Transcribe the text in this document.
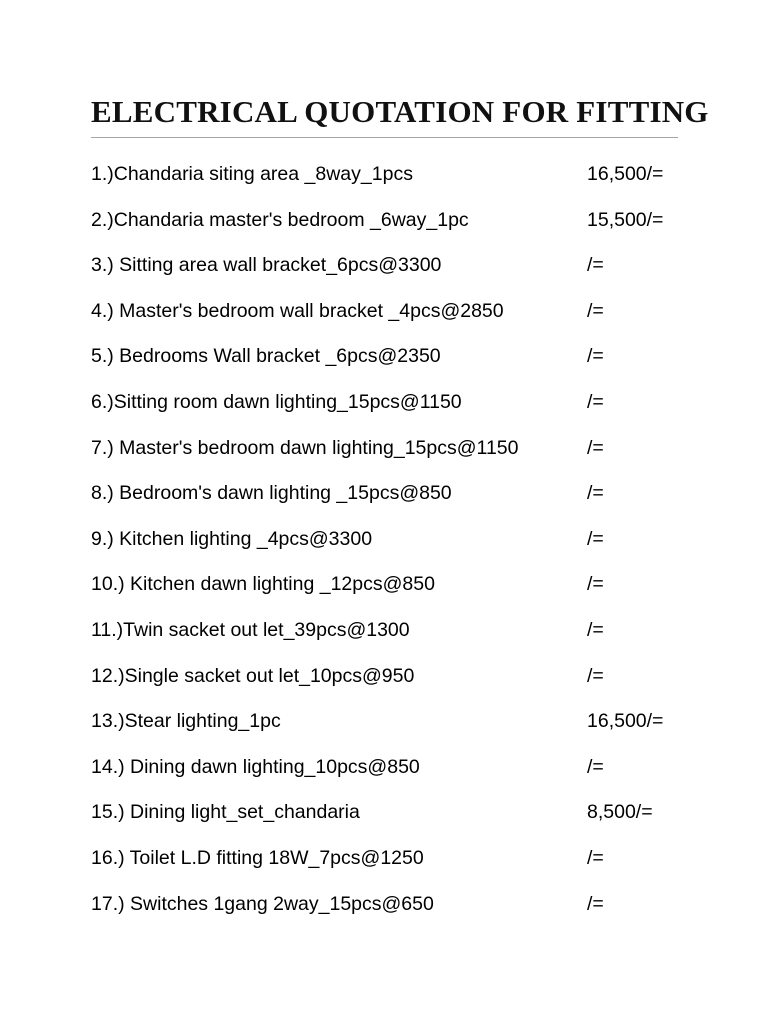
ELECTRICAL QUOTATION FOR FITTING
1.)Chandaria siting area _8way_1pcs	16,500/=
2.)Chandaria master's bedroom _6way_1pc	15,500/=
3.) Sitting area wall bracket_6pcs@3300	/=
4.) Master's bedroom wall bracket _4pcs@2850	/=
5.) Bedrooms Wall bracket _6pcs@2350	/=
6.)Sitting room dawn lighting_15pcs@1150	/=
7.) Master's bedroom dawn lighting_15pcs@1150	/=
8.) Bedroom's dawn lighting _15pcs@850	/=
9.) Kitchen lighting _4pcs@3300	/=
10.) Kitchen dawn lighting _12pcs@850	/=
11.)Twin sacket out let_39pcs@1300	/=
12.)Single sacket out let_10pcs@950	/=
13.)Stear lighting_1pc	16,500/=
14.) Dining dawn lighting_10pcs@850	/=
15.) Dining light_set_chandaria	8,500/=
16.) Toilet L.D fitting 18W_7pcs@1250	/=
17.) Switches 1gang 2way_15pcs@650	/=
